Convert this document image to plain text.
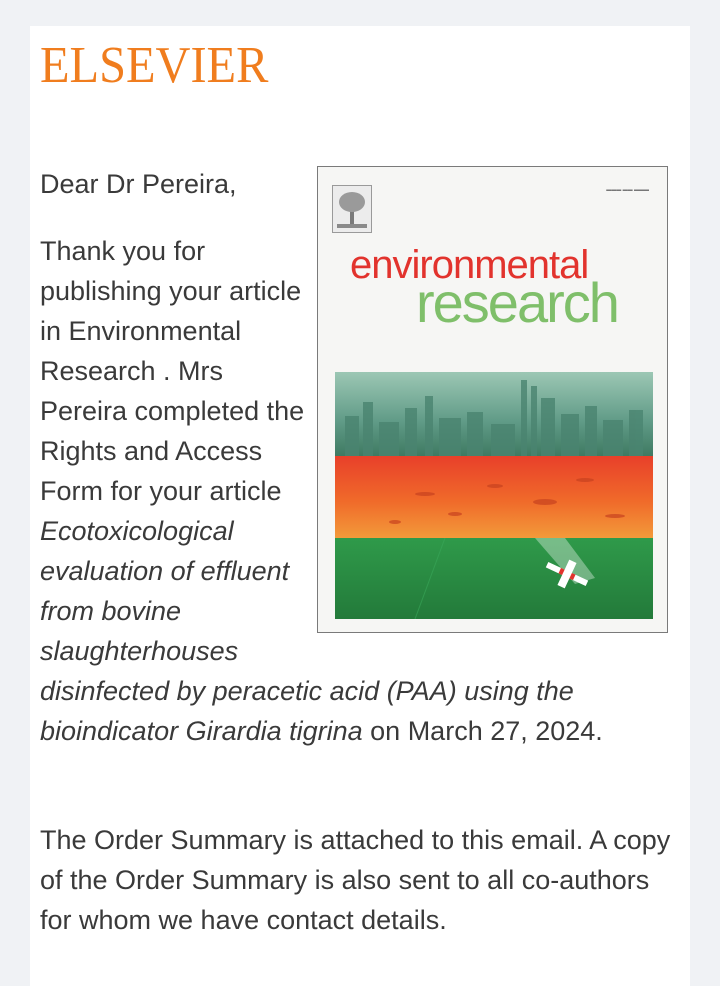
ELSEVIER

Dear Dr Pereira,

Thank you for publishing your article in Environmental Research . Mrs Pereira completed the Rights and Access Form for your article Ecotoxicological evaluation of effluent from bovine slaughterhouses disinfected by peracetic acid (PAA) using the bioindicator Girardia tigrina on March 27, 2024.

The Order Summary is attached to this email. A copy of the Order Summary is also sent to all co-authors for whom we have contact details.

▬▬▬ ▬▬ ▬▬▬
environmental
research
